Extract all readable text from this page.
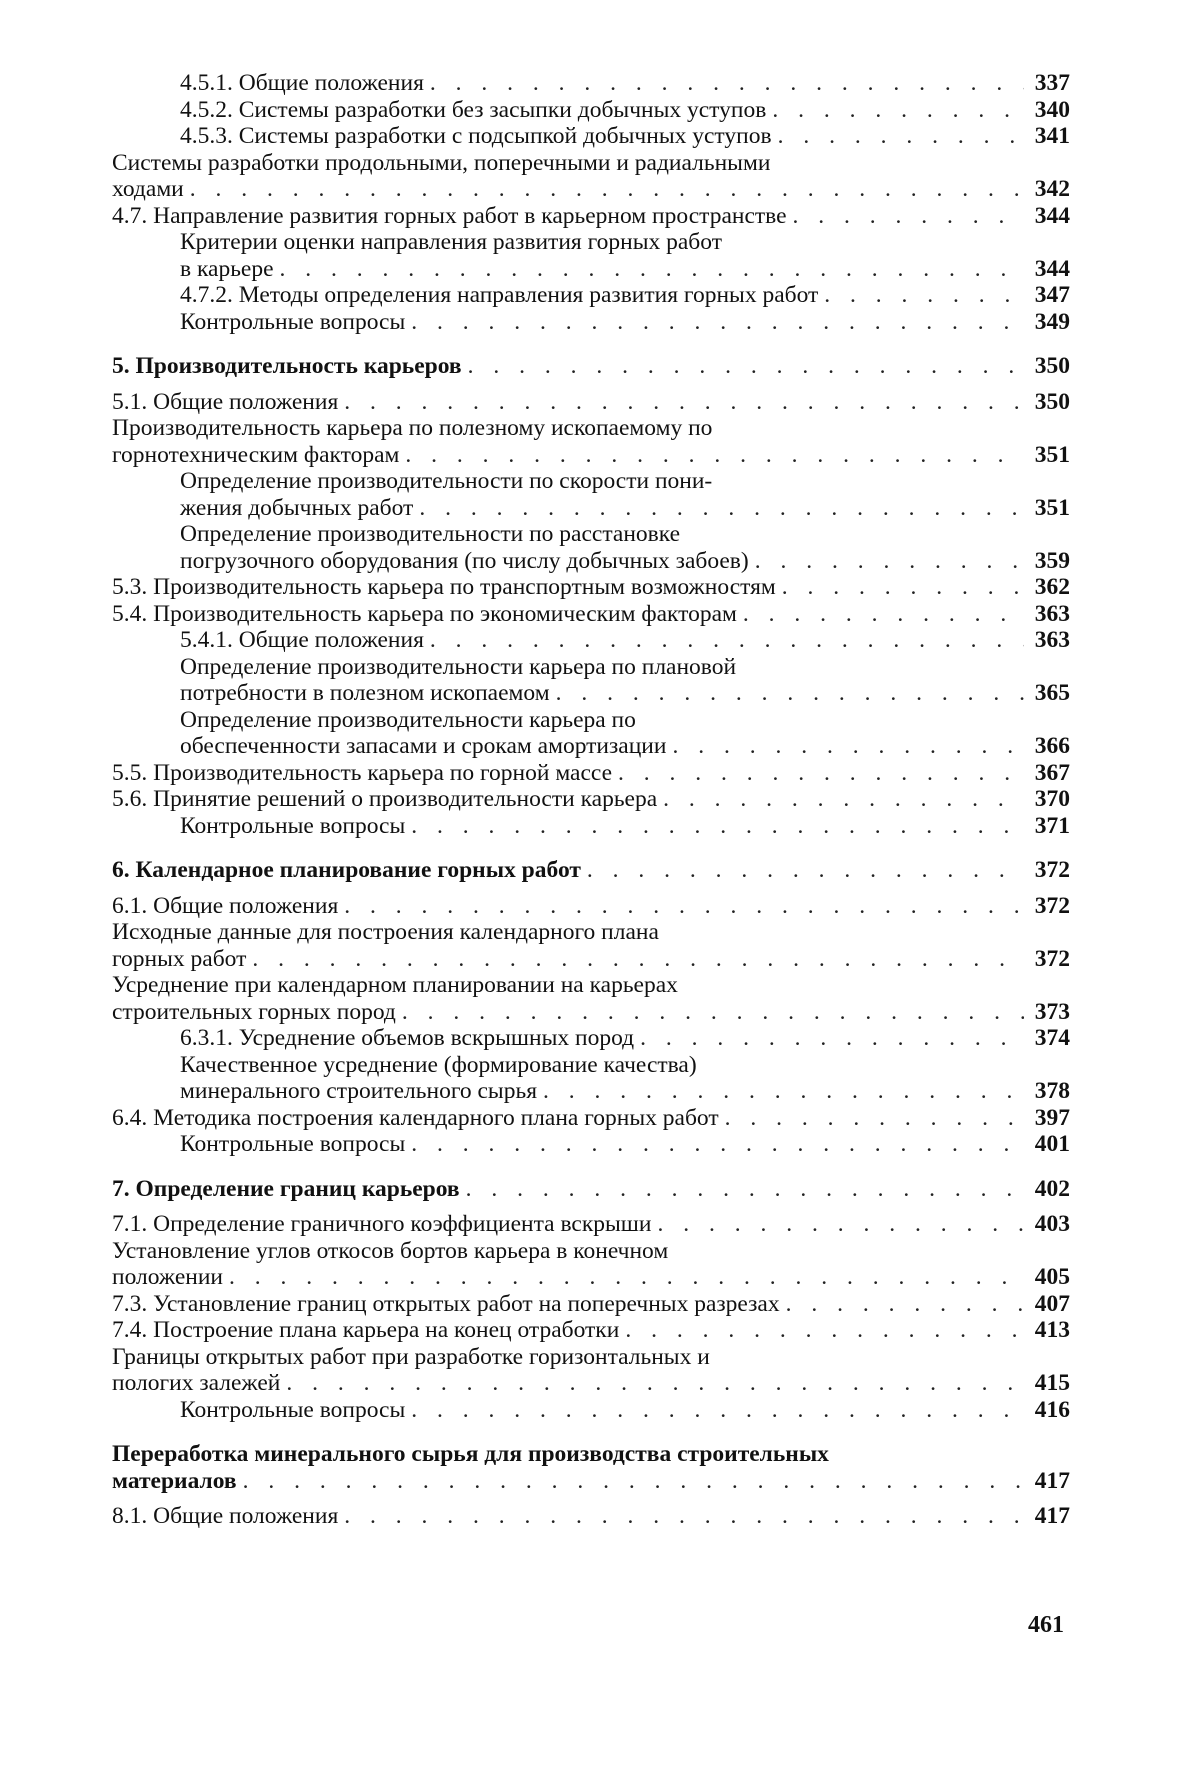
4.5.1. Общие положения . . .	337
4.5.2. Системы разработки без засыпки добычных уступов . . .	340
4.5.3. Системы разработки с подсыпкой добычных уступов . . .	341
Системы разработки продольными, поперечными и радиальными
ходами . . .	342
4.7. Направление развития горных работ в карьерном пространстве . . .	344
Критерии оценки направления развития горных работ
в карьере . . .	344
4.7.2. Методы определения направления развития горных работ . . .	347
Контрольные вопросы . . .	349
5. Производительность карьеров . . .	350
5.1. Общие положения . . .	350
Производительность карьера по полезному ископаемому по
горнотехническим факторам . . .	351
Определение производительности по скорости пони-
жения добычных работ . . .	351
Определение производительности по расстановке
погрузочного оборудования (по числу добычных забоев) . . .	359
5.3. Производительность карьера по транспортным возможностям . . .	362
5.4. Производительность карьера по экономическим факторам . . .	363
5.4.1. Общие положения . . .	363
Определение производительности карьера по плановой
потребности в полезном ископаемом . . .	365
Определение производительности карьера по
обеспеченности запасами и срокам амортизации . . .	366
5.5. Производительность карьера по горной массе . . .	367
5.6. Принятие решений о производительности карьера . . .	370
Контрольные вопросы . . .	371
6. Календарное планирование горных работ . . .	372
6.1. Общие положения . . .	372
Исходные данные для построения календарного плана
горных работ . . .	372
Усреднение при календарном планировании на карьерах
строительных горных пород . . .	373
6.3.1. Усреднение объемов вскрышных пород . . .	374
Качественное усреднение (формирование качества)
минерального строительного сырья . . .	378
6.4. Методика построения календарного плана горных работ . . .	397
Контрольные вопросы . . .	401
7. Определение границ карьеров . . .	402
7.1. Определение граничного коэффициента вскрыши . . .	403
Установление углов откосов бортов карьера в конечном
положении . . .	405
7.3. Установление границ открытых работ на поперечных разрезах . . .	407
7.4. Построение плана карьера на конец отработки . . .	413
Границы открытых работ при разработке горизонтальных и
пологих залежей . . .	415
Контрольные вопросы . . .	416
Переработка минерального сырья для производства строительных
материалов . . .	417
8.1. Общие положения . . .	417
461
